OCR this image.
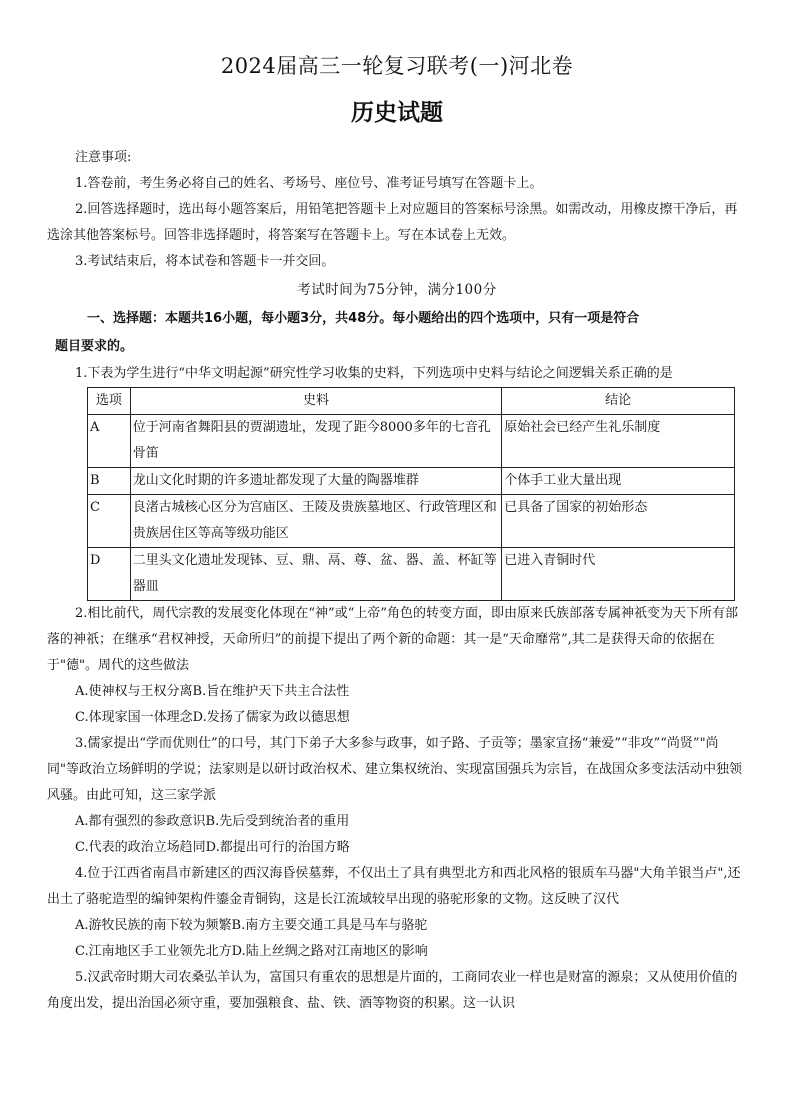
2024届高三一轮复习联考(一)河北卷
历史试题

注意事项:

1.答卷前，考生务必将自己的姓名、考场号、座位号、准考证号填写在答题卡上。

2.回答选择题时，选出每小题答案后，用铅笔把答题卡上对应题目的答案标号涂黑。如需改动，用橡皮擦干净后，再选涂其他答案标号。回答非选择题时，将答案写在答题卡上。写在本试卷上无效。

3.考试结束后，将本试卷和答题卡一并交回。

考试时间为75分钟，满分100分

一、选择题：本题共16小题，每小题3分，共48分。每小题给出的四个选项中，只有一项是符合
题目要求的。

1.下表为学生进行“中华文明起源”研究性学习收集的史料，下列选项中史料与结论之间逻辑关系正确的是

选项	史料	结论
A	位于河南省舞阳县的贾湖遗址，发现了距今8000多年的七音孔骨笛	原始社会已经产生礼乐制度
B	龙山文化时期的许多遗址都发现了大量的陶器堆群	个体手工业大量出现
C	良渚古城核心区分为宫庙区、王陵及贵族墓地区、行政管理区和贵族居住区等高等级功能区	已具备了国家的初始形态
D	二里头文化遗址发现钵、豆、鼎、鬲、尊、盆、器、盖、杯缸等器皿	已进入青铜时代

2.相比前代，周代宗教的发展变化体现在“神”或“上帝”角色的转变方面，即由原来氏族部落专属神祇变为天下所有部落的神祇；在继承“君权神授，天命所归”的前提下提出了两个新的命题：其一是“天命靡常”,其二是获得天命的依据在于"德"。周代的这些做法

A.使神权与王权分离B.旨在维护天下共主合法性

C.体现家国一体理念D.发扬了儒家为政以德思想

3.儒家提出“学而优则仕”的口号，其门下弟子大多参与政事，如子路、子贡等；墨家宣扬“兼爱”“非攻”“尚贤”"尚同"等政治立场鲜明的学说；法家则是以研讨政治权术、建立集权统治、实现富国强兵为宗旨，在战国众多变法活动中独领风骚。由此可知，这三家学派

A.都有强烈的参政意识B.先后受到统治者的重用

C.代表的政治立场趋同D.都提出可行的治国方略

4.位于江西省南昌市新建区的西汉海昏侯墓葬，不仅出土了具有典型北方和西北风格的银质车马器"大角羊银当卢",还出土了骆驼造型的编钟架构件鎏金青铜钩，这是长江流域较早出现的骆驼形象的文物。这反映了汉代

A.游牧民族的南下较为频繁B.南方主要交通工具是马车与骆驼

C.江南地区手工业领先北方D.陆上丝绸之路对江南地区的影响

5.汉武帝时期大司农桑弘羊认为，富国只有重农的思想是片面的，工商同农业一样也是财富的源泉；又从使用价值的角度出发，提出治国必须守重，要加强粮食、盐、铁、酒等物资的积累。这一认识
